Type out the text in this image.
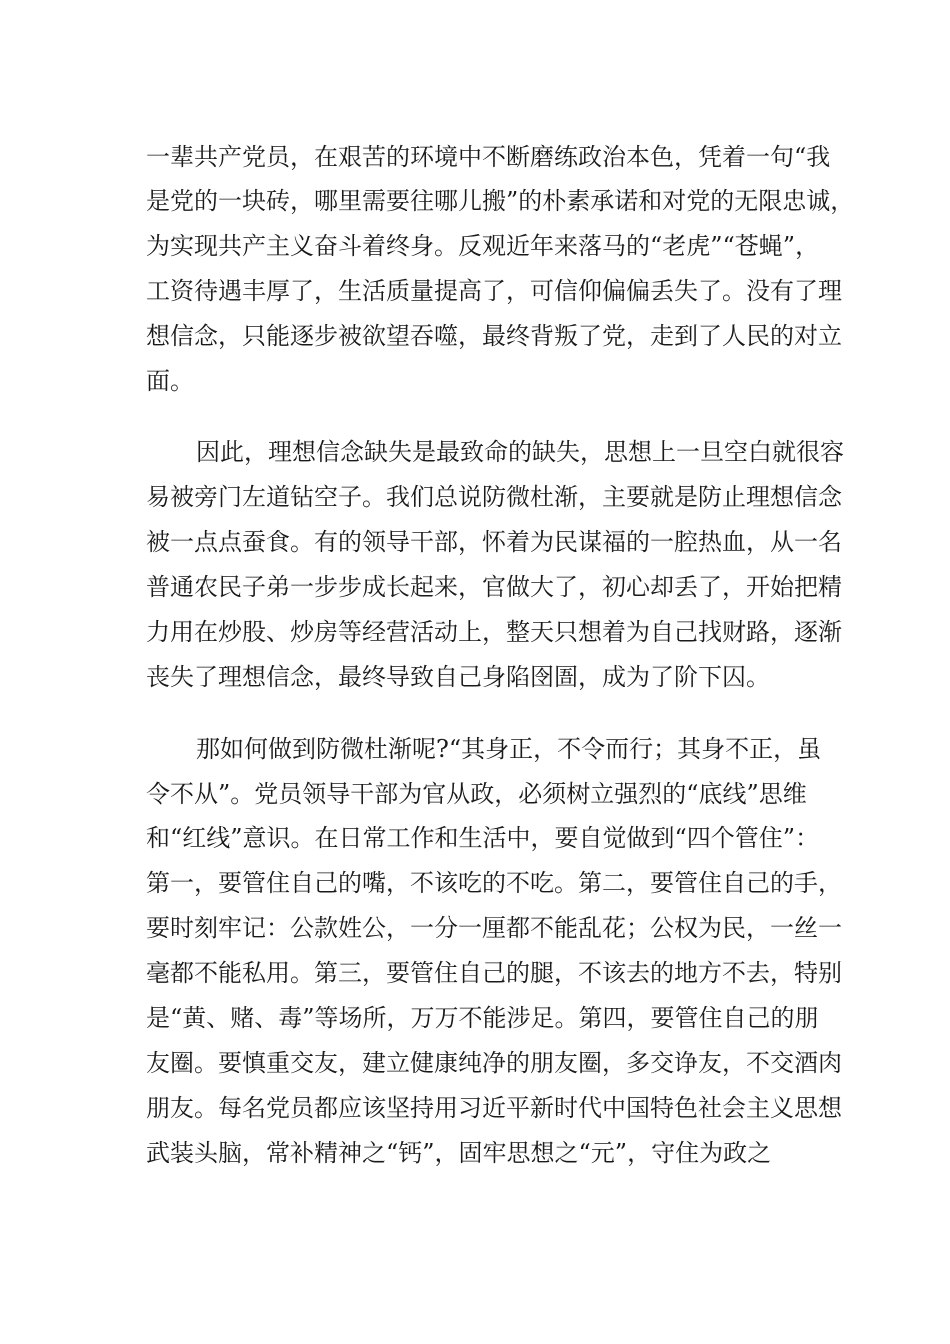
一辈共产党员，在艰苦的环境中不断磨练政治本色，凭着一句“我
是党的一块砖，哪里需要往哪儿搬”的朴素承诺和对党的无限忠诚，
为实现共产主义奋斗着终身。反观近年来落马的“老虎”“苍蝇”，
工资待遇丰厚了，生活质量提高了，可信仰偏偏丢失了。没有了理
想信念，只能逐步被欲望吞噬，最终背叛了党，走到了人民的对立
面。
因此，理想信念缺失是最致命的缺失，思想上一旦空白就很容
易被旁门左道钻空子。我们总说防微杜渐，主要就是防止理想信念
被一点点蚕食。有的领导干部，怀着为民谋福的一腔热血，从一名
普通农民子弟一步步成长起来，官做大了，初心却丢了，开始把精
力用在炒股、炒房等经营活动上，整天只想着为自己找财路，逐渐
丧失了理想信念，最终导致自己身陷囹圄，成为了阶下囚。
那如何做到防微杜渐呢?“其身正，不令而行；其身不正，虽
令不从”。党员领导干部为官从政，必须树立强烈的“底线”思维
和“红线”意识。在日常工作和生活中，要自觉做到“四个管住”：
第一，要管住自己的嘴，不该吃的不吃。第二，要管住自己的手，
要时刻牢记：公款姓公，一分一厘都不能乱花；公权为民，一丝一
毫都不能私用。第三，要管住自己的腿，不该去的地方不去，特别
是“黄、赌、毒”等场所，万万不能涉足。第四，要管住自己的朋
友圈。要慎重交友，建立健康纯净的朋友圈，多交诤友，不交酒肉
朋友。每名党员都应该坚持用习近平新时代中国特色社会主义思想
武装头脑，常补精神之“钙”，固牢思想之“元”，守住为政之
